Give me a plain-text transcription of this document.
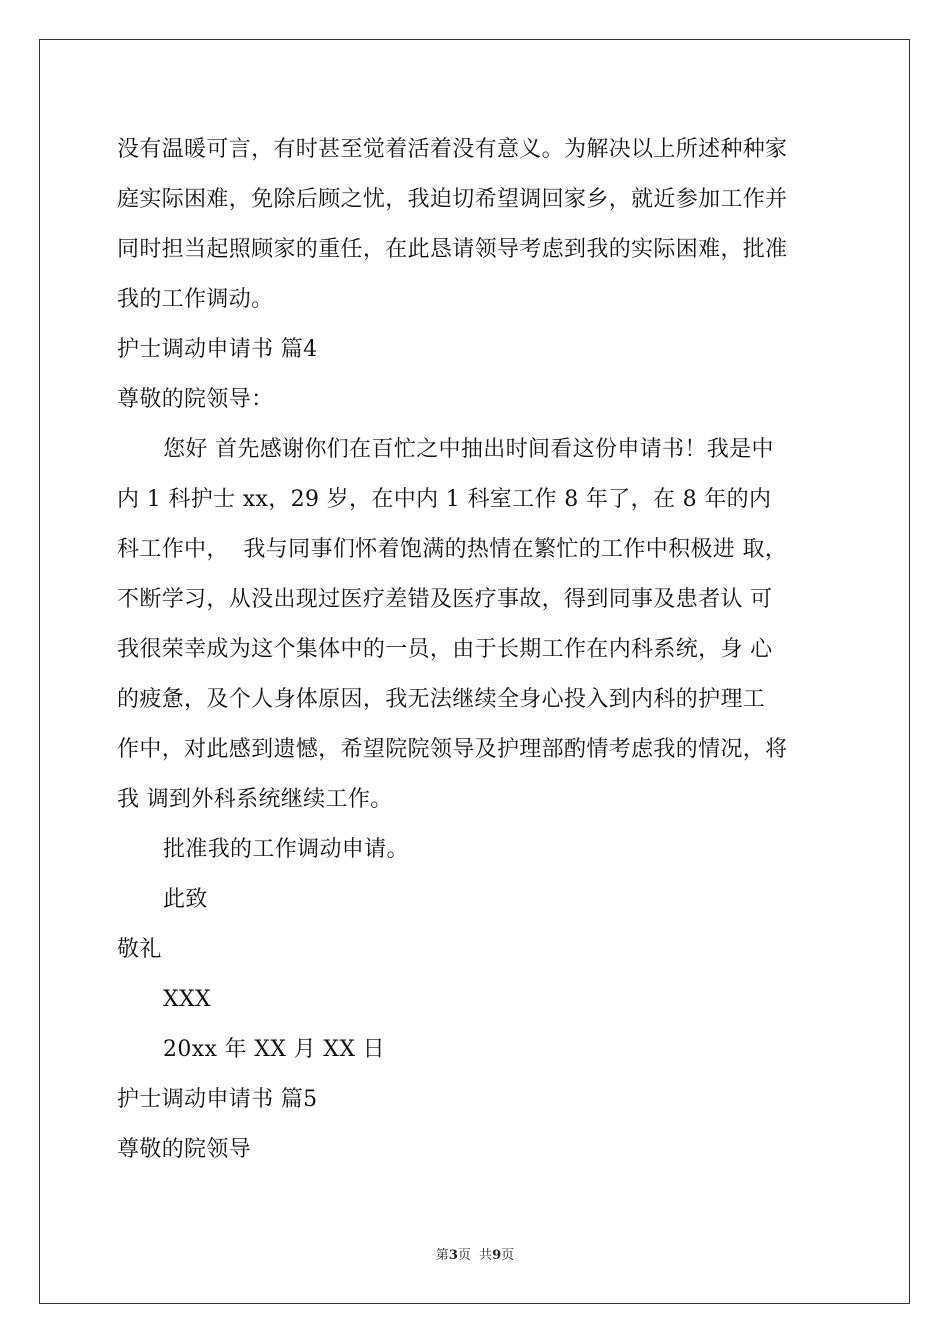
没有温暖可言，有时甚至觉着活着没有意义。为解决以上所述种种家
庭实际困难，免除后顾之忧，我迫切希望调回家乡，就近参加工作并
同时担当起照顾家的重任，在此恳请领导考虑到我的实际困难，批准
我的工作调动。
护士调动申请书 篇4
尊敬的院领导：
您好 首先感谢你们在百忙之中抽出时间看这份申请书！我是中
内 1 科护士 xx，29 岁，在中内 1 科室工作 8 年了，在 8 年的内
科工作中，  我与同事们怀着饱满的热情在繁忙的工作中积极进 取，
不断学习，从没出现过医疗差错及医疗事故，得到同事及患者认 可
我很荣幸成为这个集体中的一员，由于长期工作在内科系统，身 心
的疲惫，及个人身体原因，我无法继续全身心投入到内科的护理工
作中，对此感到遗憾，希望院院领导及护理部酌情考虑我的情况，将
我 调到外科系统继续工作。
批准我的工作调动申请。
此致
敬礼
XXX
20xx 年 XX 月 XX 日
护士调动申请书 篇5
尊敬的院领导
第3页  共9页
